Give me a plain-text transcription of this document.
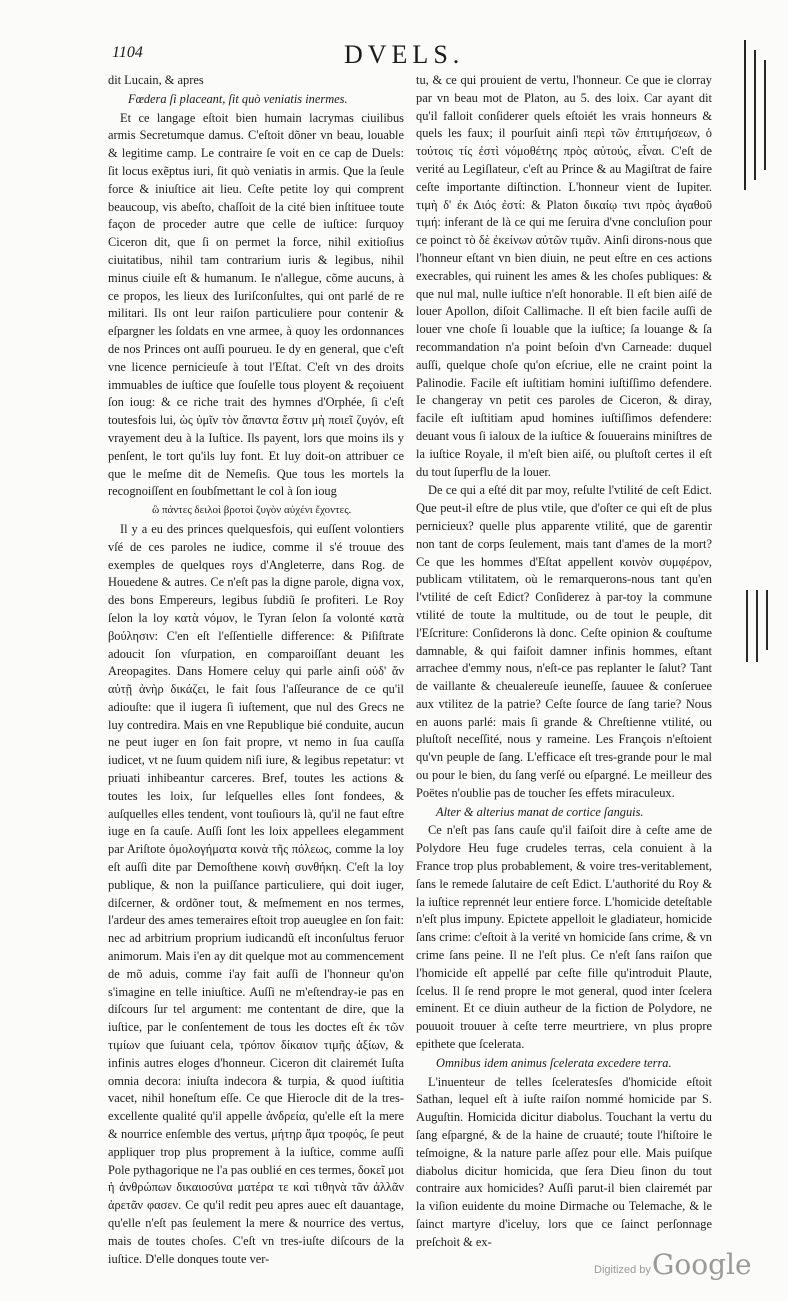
1104	DVELS.

dit Lucain, & apres

Fœdera ſi placeant, ſit quò veniatis inermes.

Et ce langage eſtoit bien humain lacrymas ciuilibus armis Secretumque damus. C'eſtoit dõner vn beau, louable & legitime camp. Le contraire ſe voit en ce cap de Duels: ſit locus exẽptus iuri, ſit quò veniatis in armis. Que la ſeule force & iniuſtice ait lieu. Ceſte petite loy qui comprent beaucoup, vis abeſto, chaſſoit de la cité bien inſtituee toute façon de proceder autre que celle de iuſtice: ſurquoy Ciceron dit, que ſi on permet la force, nihil exitioſius ciuitatibus, nihil tam contrarium iuris & legibus, nihil minus ciuile eſt & humanum. Ie n'allegue, cõme aucuns, à ce propos, les lieux des Iuriſconſultes, qui ont parlé de re militari. Ils ont leur raiſon particuliere pour contenir & eſpargner les ſoldats en vne armee, à quoy les ordonnances de nos Princes ont auſſi pourueu. Ie dy en general, que c'eſt vne licence pernicieuſe à tout l'Eſtat. C'eſt vn des droits immuables de iuſtice que ſouſelle tous ployent & reçoiuent ſon ioug: & ce riche trait des hymnes d'Orphée, ſi c'eſt toutesfois lui, ὡς ὑμῖν τὸν ἅπαντα ἔστιν μὴ ποιεῖ ζυγόν, eſt vrayement deu à la Iuſtice. Ils payent, lors que moins ils y penſent, le tort qu'ils luy font. Et luy doit-on attribuer ce que le meſme dit de Nemeſis. Que tous les mortels la recognoiſſent en ſoubſmettant le col à ſon ioug

ὣ πάντες δειλοὶ βροτοὶ ζυγὸν αὐχένι ἔχοντες.

Il y a eu des princes quelquesfois, qui euſſent volontiers vſé de ces paroles ne iudice, comme il s'é trouue des exemples de quelques roys d'Angleterre, dans Rog. de Houedene & autres. Ce n'eſt pas la digne parole, digna vox, des bons Empereurs, legibus ſubdiũ ſe profiteri. Le Roy ſelon la loy κατὰ νόμον, le Tyran ſelon ſa volonté κατὰ βούλησιν: C'en eſt l'eſſentielle difference: & Piſiſtrate adoucit ſon vſurpation, en comparoiſſant deuant les Areopagites. Dans Homere celuy qui parle ainſi οὐδ' ἄν αὐτῇ ἀνὴρ δικάζει, le fait ſous l'aſſeurance de ce qu'il adiouſte: que il iugera ſi iuſtement, que nul des Grecs ne luy contredira. Mais en vne Republique bié conduite, aucun ne peut iuger en ſon fait propre, vt nemo in ſua cauſſa iudicet, vt ne ſuum quidem niſi iure, & legibus repetatur: vt priuati inhibeantur carceres. Bref, toutes les actions & toutes les loix, ſur leſquelles elles ſont fondees, & auſquelles elles tendent, vont touſiours là, qu'il ne faut eſtre iuge en ſa cauſe. Auſſi ſont les loix appellees elegamment par Ariſtote ὁμολογήματα κοινὰ τῆς πόλεως, comme la loy eſt auſſi dite par Demoſthene κοινὴ συνθήκη. C'eſt la loy publique, & non la puiſſance particuliere, qui doit iuger, diſcerner, & ordõner tout, & meſmement en nos termes, l'ardeur des ames temeraires eſtoit trop aueuglee en ſon fait: nec ad arbitrium proprium iudicandũ eſt inconſultus feruor animorum. Mais i'en ay dit quelque mot au commencement de mõ aduis, comme i'ay fait auſſi de l'honneur qu'on s'imagine en telle iniuſtice. Auſſi ne m'eſtendray-ie pas en diſcours ſur tel argument: me contentant de dire, que la iuſtice, par le conſentement de tous les doctes eſt ἐκ τῶν τιμίων que ſuiuant cela, τρόπον δίκαιον τιμῆς ἀξίων, & infinis autres eloges d'honneur. Ciceron dit clairemét Iuſta omnia decora: iniuſta indecora & turpia, & quod iuſtitia vacet, nihil honeſtum eſſe. Ce que Hierocle dit de la tres-excellente qualité qu'il appelle ἀνδρεία, qu'elle eſt la mere & nourrice enſemble des vertus, μήτηρ ἅμα τροφός, ſe peut appliquer trop plus proprement à la iuſtice, comme auſſi Pole pythagorique ne l'a pas oublié en ces termes, δοκεῖ μοι ἡ ἀνθρώπων δικαιοσύνα ματέρα τε καὶ τιθηνὰ τᾶν ἀλλᾶν ἀρετᾶν φασεν. Ce qu'il redit peu apres auec eſt dauantage, qu'elle n'eſt pas ſeulement la mere & nourrice des vertus, mais de toutes choſes. C'eſt vn tres-iuſte diſcours de la iuſtice. D'elle donques toute ver-

tu, & ce qui prouient de vertu, l'honneur. Ce que ie clorray par vn beau mot de Platon, au 5. des loix. Car ayant dit qu'il falloit conſiderer quels eſtoiét les vrais honneurs & quels les faux; il pourſuit ainſi περὶ τῶν ἐπιτιμήσεων, ὁ τούτοις τίς ἐστὶ νόμοθέτης πρὸς αὐτούς, εἶναι. C'eſt de verité au Legiſlateur, c'eſt au Prince & au Magiſtrat de faire ceſte importante diſtinction. L'honneur vient de Iupiter. τιμὴ δ' ἐκ Διός ἐστί: & Platon δικαίῳ τινι πρὸς ἀγαθοῦ τιμή: inferant de là ce qui me ſeruira d'vne concluſion pour ce poinct τὸ δὲ ἐκείνων αὐτῶν τιμᾶν. Ainſi dirons-nous que l'honneur eſtant vn bien diuin, ne peut eſtre en ces actions execrables, qui ruinent les ames & les choſes publiques: & que nul mal, nulle iuſtice n'eſt honorable. Il eſt bien aiſé de louer Apollon, diſoit Callimache. Il eſt bien facile auſſi de louer vne choſe ſi louable que la iuſtice; ſa louange & ſa recommandation n'a point beſoin d'vn Carneade: duquel auſſi, quelque choſe qu'on eſcriue, elle ne craint point la Palinodie. Facile eſt iuſtitiam homini iuſtiſſimo defendere. Ie changeray vn petit ces paroles de Ciceron, & diray, facile eſt iuſtitiam apud homines iuſtiſſimos defendere: deuant vous ſi ialoux de la iuſtice & ſouuerains miniſtres de la iuſtice Royale, il m'eſt bien aiſé, ou pluſtoſt certes il eſt du tout ſuperflu de la louer.

De ce qui a eſté dit par moy, reſulte l'vtilité de ceſt Edict. Que peut-il eſtre de plus vtile, que d'oſter ce qui eſt de plus pernicieux? quelle plus apparente vtilité, que de garentir non tant de corps ſeulement, mais tant d'ames de la mort? Ce que les hommes d'Eſtat appellent κοινὸν συμφέρον, publicam vtilitatem, où le remarquerons-nous tant qu'en l'vtilité de ceſt Edict? Conſiderez à par-toy la commune vtilité de toute la multitude, ou de tout le peuple, dit l'Eſcriture: Conſiderons là donc. Ceſte opinion & couſtume damnable, & qui faiſoit damner infinis hommes, eſtant arrachee d'emmy nous, n'eſt-ce pas replanter le ſalut? Tant de vaillante & cheualereuſe ieuneſſe, ſauuee & conſeruee aux vtilitez de la patrie? Ceſte ſource de ſang tarie? Nous en auons parlé: mais ſi grande & Chreſtienne vtilité, ou pluſtoſt neceſſité, nous y rameine. Les François n'eſtoient qu'vn peuple de ſang. L'efficace eſt tres-grande pour le mal ou pour le bien, du ſang verſé ou eſpargné. Le meilleur des Poëtes n'oublie pas de toucher ſes effets miraculeux.

Alter & alterius manat de cortice ſanguis.

Ce n'eſt pas ſans cauſe qu'il faiſoit dire à ceſte ame de Polydore Heu fuge crudeles terras, cela conuient à la France trop plus probablement, & voire tres-veritablement, ſans le remede ſalutaire de ceſt Edict. L'authorité du Roy & la iuſtice reprennét leur entiere force. L'homicide deteſtable n'eſt plus impuny. Epictete appelloit le gladiateur, homicide ſans crime: c'eſtoit à la verité vn homicide ſans crime, & vn crime ſans peine. Il ne l'eſt plus. Ce n'eſt ſans raiſon que l'homicide eſt appellé par ceſte fille qu'introduit Plaute, ſcelus. Il ſe rend propre le mot general, quod inter ſcelera eminent. Et ce diuin autheur de la fiction de Polydore, ne pouuoit trouuer à ceſte terre meurtriere, vn plus propre epithete que ſcelerata.

Omnibus idem animus ſcelerata excedere terra.

L'inuenteur de telles ſceleratesſes d'homicide eſtoit Sathan, lequel eſt à iuſte raiſon nommé homicide par S. Auguſtin. Homicida dicitur diabolus. Touchant la vertu du ſang eſpargné, & de la haine de cruauté; toute l'hiſtoire le teſmoigne, & la nature parle aſſez pour elle. Mais puiſque diabolus dicitur homicida, que ſera Dieu ſinon du tout contraire aux homicides? Auſſi parut-il bien clairemét par la viſion euidente du moine Dirmache ou Telemache, & le ſainct martyre d'iceluy, lors que ce ſainct perſonnage preſchoit & ex-

Digitized by Google
